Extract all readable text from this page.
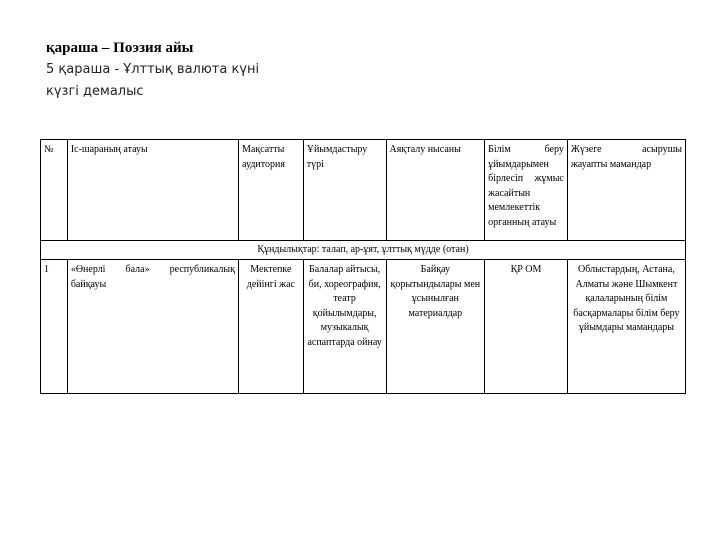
қараша – Поэзия айы
5 қараша - Ұлттық валюта күні
күзгі демалыс
№	Іс-шараның атауы	Мақсатты аудитория	Ұйымдастыру түрі	Аяқталу нысаны	Білім беру ұйымдарымен бірлесіп жұмыс жасайтын мемлекеттік органның атауы	Жүзеге асырушы жауапты мамандар
Құндылықтар: талап, ар-ұят, ұлттық мүдде (отан)						
1	«Өнерлі бала» республикалық байқауы	Мектепке дейінгі жас	Балалар айтысы, би, хореография, театр қойылымдары, музыкалық аспаптарда ойнау	Байқау қорытындылары мен ұсынылған материалдар	ҚР ОМ	Облыстардың, Астана, Алматы және Шымкент қалаларының білім басқармалары білім беру ұйымдары мамандары
